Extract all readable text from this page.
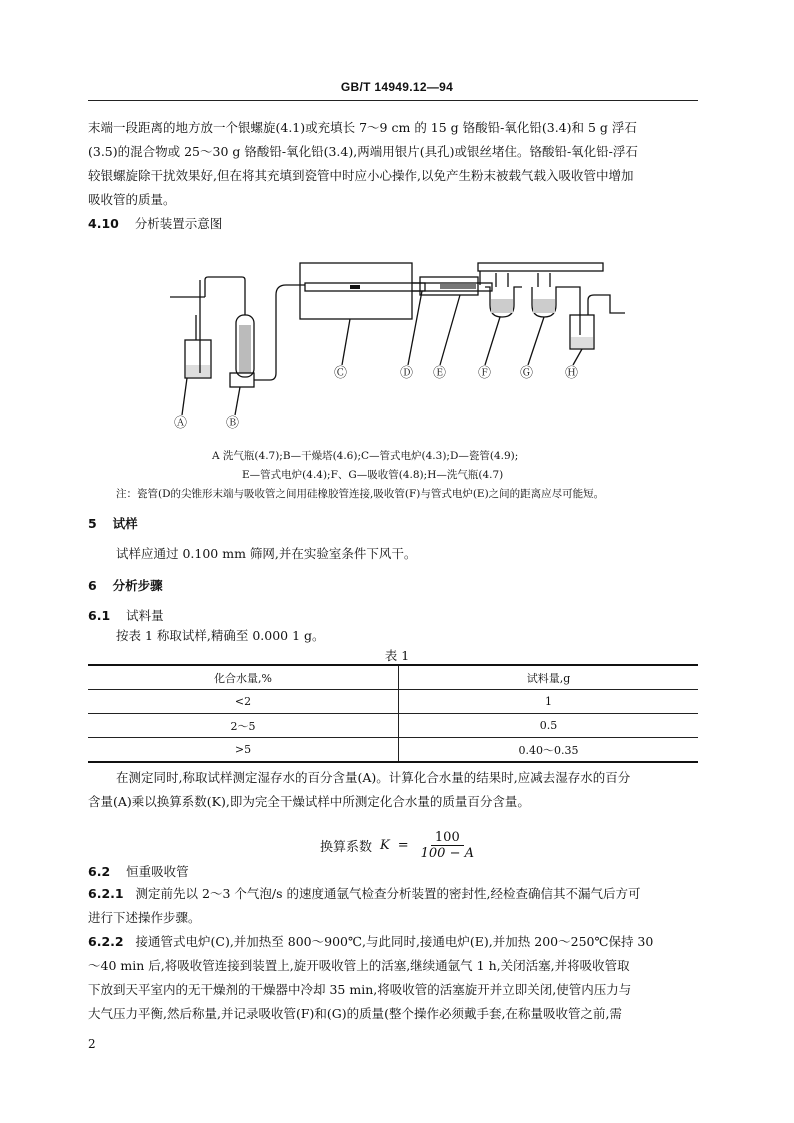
GB/T 14949.12—94
末端一段距离的地方放一个银螺旋(4.1)或充填长 7～9 cm 的 15 g 铬酸铅-氧化铅(3.4)和 5 g 浮石
(3.5)的混合物或 25～30 g 铬酸铅-氧化铅(3.4),两端用银片(具孔)或银丝堵住。铬酸铅-氧化铅-浮石
较银螺旋除干扰效果好,但在将其充填到瓷管中时应小心操作,以免产生粉末被载气载入吸收管中增加
吸收管的质量。
4.10 分析装置示意图
Ⓐ	Ⓑ
Ⓒ	Ⓓ Ⓔ Ⓕ Ⓖ Ⓗ
A 洗气瓶(4.7);B—干燥塔(4.6);C—管式电炉(4.3);D—瓷管(4.9);
E—管式电炉(4.4);F、G—吸收管(4.8);H—洗气瓶(4.7)
注：瓷管(D的尖锥形末端与吸收管之间用硅橡胶管连接,吸收管(F)与管式电炉(E)之间的距离应尽可能短。
5 试样
试样应通过 0.100 mm 筛网,并在实验室条件下风干。
6 分析步骤
6.1 试料量
按表 1 称取试样,精确至 0.000 1 g。
表 1
化合水量,%	试料量,g
<2	1
2～5	0.5
>5	0.40～0.35
在测定同时,称取试样测定湿存水的百分含量(A)。计算化合水量的结果时,应减去湿存水的百分
含量(A)乘以换算系数(K),即为完全干燥试样中所测定化合水量的质量百分含量。
换算系数 $K = \frac{100}{100 - A}$
6.2 恒重吸收管
6.2.1 测定前先以 2～3 个气泡/s 的速度通氩气检查分析装置的密封性,经检查确信其不漏气后方可
进行下述操作步骤。
6.2.2 接通管式电炉(C),并加热至 800～900℃,与此同时,接通电炉(E),并加热 200～250℃保持 30
～40 min 后,将吸收管连接到装置上,旋开吸收管上的活塞,继续通氩气 1 h,关闭活塞,并将吸收管取
下放到天平室内的无干燥剂的干燥器中冷却 35 min,将吸收管的活塞旋开并立即关闭,使管内压力与
大气压力平衡,然后称量,并记录吸收管(F)和(G)的质量(整个操作必须戴手套,在称量吸收管之前,需
2
